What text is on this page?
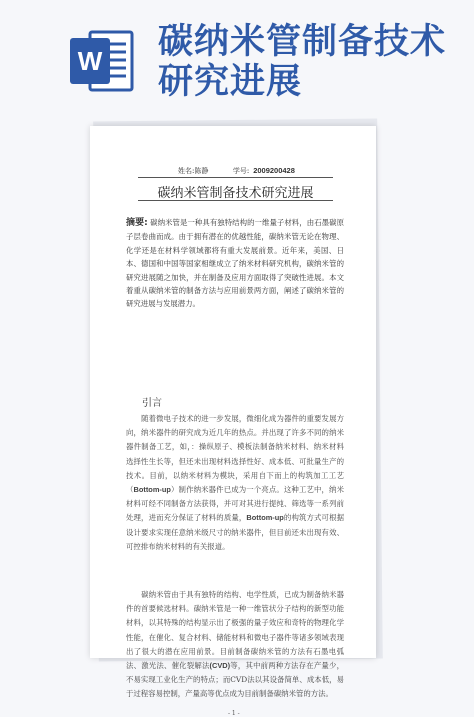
W 碳纳米管制备技术
研究进展
姓名:陈静	学号: 2009200428
碳纳米管制备技术研究进展
摘要: 碳纳米管是一种具有独特结构的一维量子材料，由石墨碳原子层卷曲而成。由于拥有潜在的优越性能，碳纳米管无论在物理、化学还是在材料学领域都将有重大发展前景。近年来，美国、日本、德国和中国等国家相继成立了纳米材料研究机构，碳纳米管的研究进展随之加快，并在制备及应用方面取得了突破性进展。本文着重从碳纳米管的制备方法与应用前景两方面，阐述了碳纳米管的研究进展与发展潜力。
引言
随着微电子技术的进一步发展，微细化成为器件的重要发展方向，纳米器件的研究成为近几年的热点。并出现了许多不同的纳米器件制备工艺，如，：操纵原子、模板法制备纳米材料、纳米材料选择性生长等，但还未出现材料选择性好、成本低、可批量生产的技术。目前，以纳米材料为模块，采用自下而上的构筑加工工艺（Bottom-up）制作纳米器件已成为一个亮点。这种工艺中，纳米材料可经不同制备方法获得，并可对其进行提纯、筛选等一系列前处理，进而充分保证了材料的质量，Bottom-up的构筑方式可根据设计要求实现任意纳米级尺寸的纳米器件，但目前还未出现有效、可控排布纳米材料的有关报道。
碳纳米管由于具有独特的结构、电学性质，已成为制备纳米器件的首要候选材料。碳纳米管是一种一维管状分子结构的新型功能材料，以其特殊的结构显示出了极强的量子效应和奇特的物理化学性能，在催化、复合材料、储能材料和微电子器件等诸多领域表现出了很大的潜在应用前景。目前制备碳纳米管的方法有石墨电弧法、激光法、催化裂解法(CVD)等，其中前两种方法存在产量少，不易实现工业化生产的特点；而CVD法以其设备简单、成本低，易于过程容易控制，产量高等优点成为目前制备碳纳米管的方法。
- 1 -
